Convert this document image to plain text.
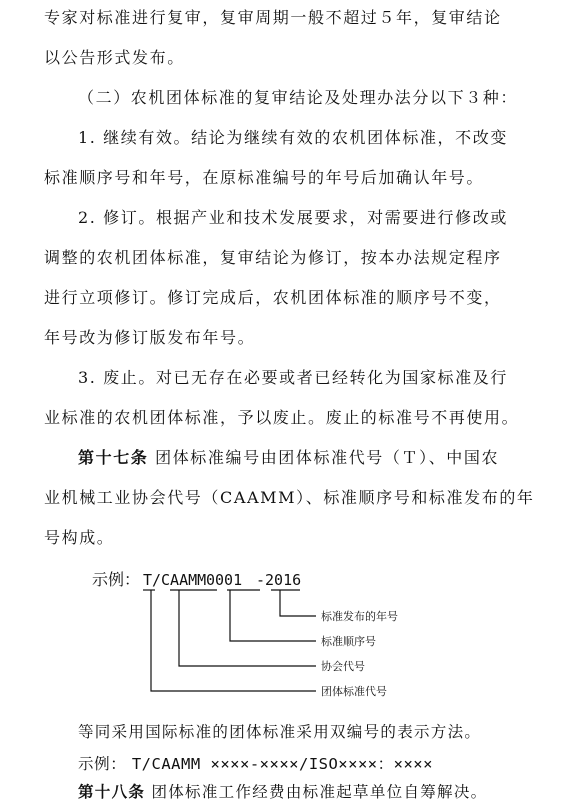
专家对标准进行复审，复审周期一般不超过５年，复审结论
以公告形式发布。
（二）农机团体标准的复审结论及处理办法分以下３种：
1. 继续有效。结论为继续有效的农机团体标准，不改变
标准顺序号和年号，在原标准编号的年号后加确认年号。
2. 修订。根据产业和技术发展要求，对需要进行修改或
调整的农机团体标准，复审结论为修订，按本办法规定程序
进行立项修订。修订完成后，农机团体标准的顺序号不变，
年号改为修订版发布年号。
3. 废止。对已无存在必要或者已经转化为国家标准及行
业标准的农机团体标准，予以废止。废止的标准号不再使用。
第十七条 团体标准编号由团体标准代号（Ｔ）、中国农
业机械工业协会代号（CAAMM）、标准顺序号和标准发布的年
号构成。
示例： T /CAAMM 0001 -2016
标准发布的年号
标准顺序号
协会代号
团体标准代号
等同采用国际标准的团体标准采用双编号的表示方法。
示例： T/CAAMM ××××-××××/ISO××××：××××
第十八条 团体标准工作经费由标准起草单位自筹解决。
